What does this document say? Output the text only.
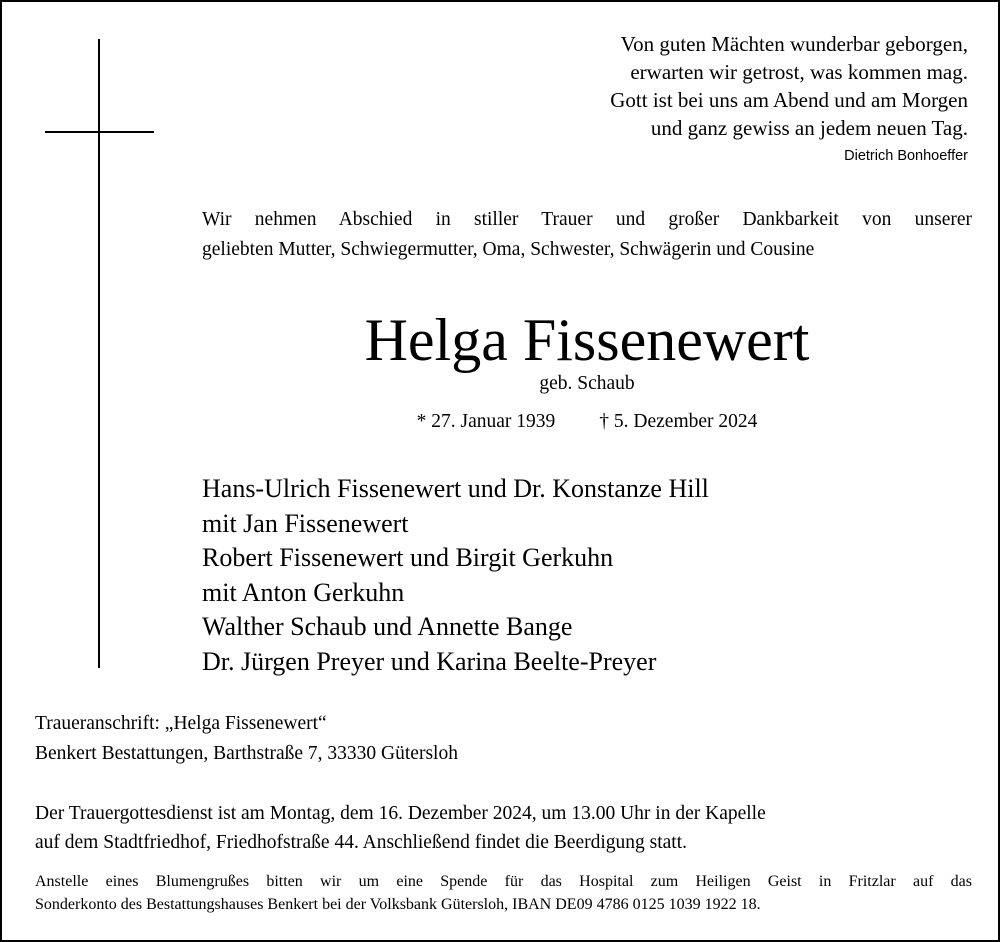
Von guten Mächten wunderbar geborgen,
erwarten wir getrost, was kommen mag.
Gott ist bei uns am Abend und am Morgen
und ganz gewiss an jedem neuen Tag.
Dietrich Bonhoeffer
Wir nehmen Abschied in stiller Trauer und großer Dankbarkeit von unserer
geliebten Mutter, Schwiegermutter, Oma, Schwester, Schwägerin und Cousine
Helga Fissenewert
geb. Schaub
* 27. Januar 1939 † 5. Dezember 2024
Hans-Ulrich Fissenewert und Dr. Konstanze Hill
mit Jan Fissenewert
Robert Fissenewert und Birgit Gerkuhn
mit Anton Gerkuhn
Walther Schaub und Annette Bange
Dr. Jürgen Preyer und Karina Beelte-Preyer
Traueranschrift: „Helga Fissenewert“
Benkert Bestattungen, Barthstraße 7, 33330 Gütersloh
Der Trauergottesdienst ist am Montag, dem 16. Dezember 2024, um 13.00 Uhr in der Kapelle
auf dem Stadtfriedhof, Friedhofstraße 44. Anschließend findet die Beerdigung statt.
Anstelle eines Blumengrußes bitten wir um eine Spende für das Hospital zum Heiligen Geist in Fritzlar auf das
Sonderkonto des Bestattungshauses Benkert bei der Volksbank Gütersloh, IBAN DE09 4786 0125 1039 1922 18.
